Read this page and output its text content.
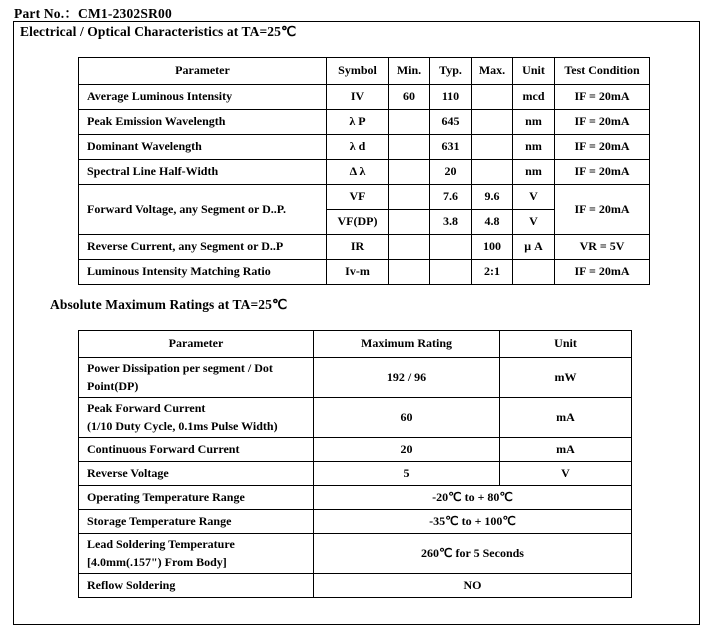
Part No.：CM1-2302SR00
Electrical / Optical Characteristics at TA=25℃
Parameter	Symbol	Min.	Typ.	Max.	Unit	Test Condition
Average Luminous Intensity	IV	60	110		mcd	IF = 20mA
Peak Emission Wavelength	λ P		645		nm	IF = 20mA
Dominant Wavelength	λ d		631		nm	IF = 20mA
Spectral Line Half-Width	Δ λ		20		nm	IF = 20mA
Forward Voltage, any Segment or D..P.	VF		7.6	9.6	V	IF = 20mA
	VF(DP)		3.8	4.8	V	
Reverse Current, any Segment or D..P	IR			100	μ A	VR = 5V
Luminous Intensity Matching Ratio	Iv-m			2:1		IF = 20mA
Absolute Maximum Ratings at TA=25℃
Parameter	Maximum Rating	Unit
Power Dissipation per segment / Dot
Point(DP)	192 / 96	mW
Peak Forward Current
(1/10 Duty Cycle, 0.1ms Pulse Width)	60	mA
Continuous Forward Current	20	mA
Reverse Voltage	5	V
Operating Temperature Range	-20℃ to + 80℃	
Storage Temperature Range	-35℃ to + 100℃	
Lead Soldering Temperature
[4.0mm(.157") From Body]	260℃ for 5 Seconds	
Reflow Soldering	NO	
